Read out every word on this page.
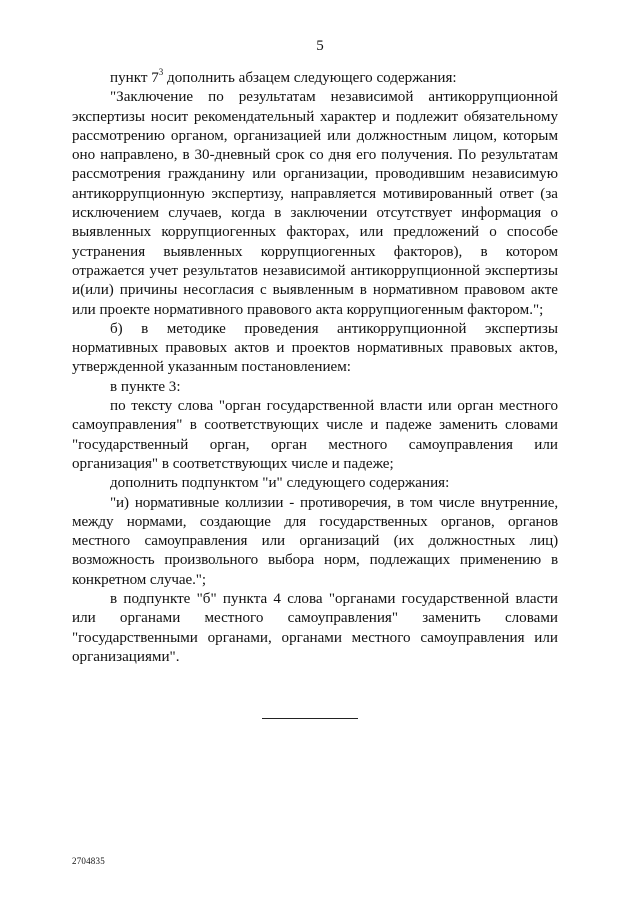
5

пункт $7^3$ дополнить абзацем следующего содержания:

"Заключение по результатам независимой антикоррупционной экспертизы носит рекомендательный характер и подлежит обязательному рассмотрению органом, организацией или должностным лицом, которым оно направлено, в 30-дневный срок со дня его получения. По результатам рассмотрения гражданину или организации, проводившим независимую антикоррупционную экспертизу, направляется мотивированный ответ (за исключением случаев, когда в заключении отсутствует информация о выявленных коррупциогенных факторах, или предложений о способе устранения выявленных коррупциогенных факторов), в котором отражается учет результатов независимой антикоррупционной экспертизы и(или) причины несогласия с выявленным в нормативном правовом акте или проекте нормативного правового акта коррупциогенным фактором.";

б) в методике проведения антикоррупционной экспертизы нормативных правовых актов и проектов нормативных правовых актов, утвержденной указанным постановлением:

в пункте 3:

по тексту слова "орган государственной власти или орган местного самоуправления" в соответствующих числе и падеже заменить словами "государственный орган, орган местного самоуправления или организация" в соответствующих числе и падеже;

дополнить подпунктом "и" следующего содержания:

"и) нормативные коллизии - противоречия, в том числе внутренние, между нормами, создающие для государственных органов, органов местного самоуправления или организаций (их должностных лиц) возможность произвольного выбора норм, подлежащих применению в конкретном случае.";

в подпункте "б" пункта 4 слова "органами государственной власти или органами местного самоуправления" заменить словами "государственными органами, органами местного самоуправления или организациями".

2704835
